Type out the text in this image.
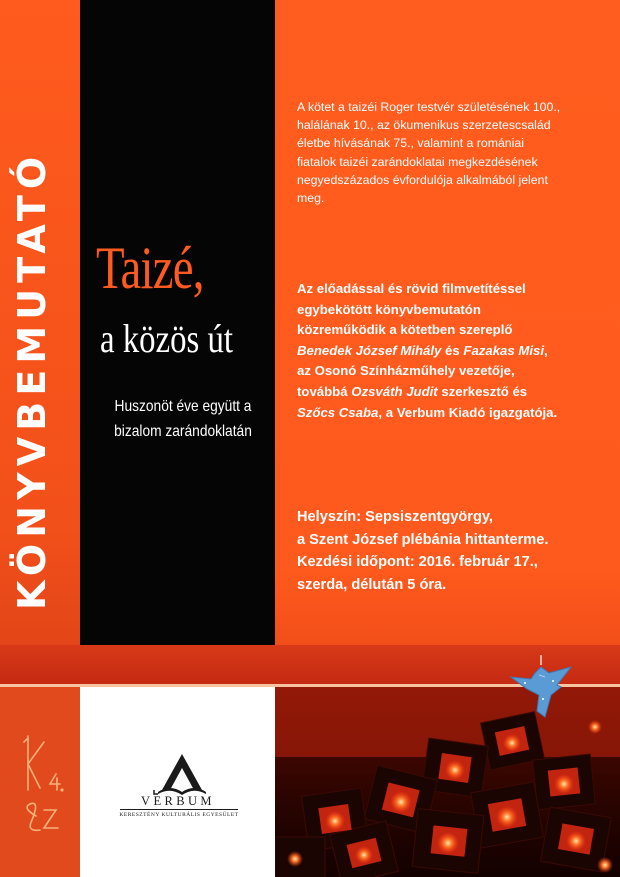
KÖNYVBEMUTATÓ Taizé,
a közös út
Huszonöt éve együtt a
bizalom zarándoklatán
A kötet a taizéi Roger testvér születésének 100.,
halálának 10., az ökumenikus szerzetescsalád
életbe hívásának 75., valamint a romániai
fiatalok taizéi zarándoklatai megkezdésének
negyedszázados évfordulója alkalmából jelent
meg.
Az előadással és rövid filmvetítéssel
egybekötött könyvbemutatón
közreműködik a kötetben szereplő
Benedek József Mihály és Fazakas Misi,
az Osonó Színházműhely vezetője,
továbbá Ozsváth Judit szerkesztő és
Szőcs Csaba, a Verbum Kiadó igazgatója.
Helyszín: Sepsiszentgyörgy,
a Szent József plébánia hittanterme.
Kezdési időpont: 2016. február 17.,
szerda, délután 5 óra.
VERBUM
KERESZTÉNY KULTURÁLIS EGYESÜLET
